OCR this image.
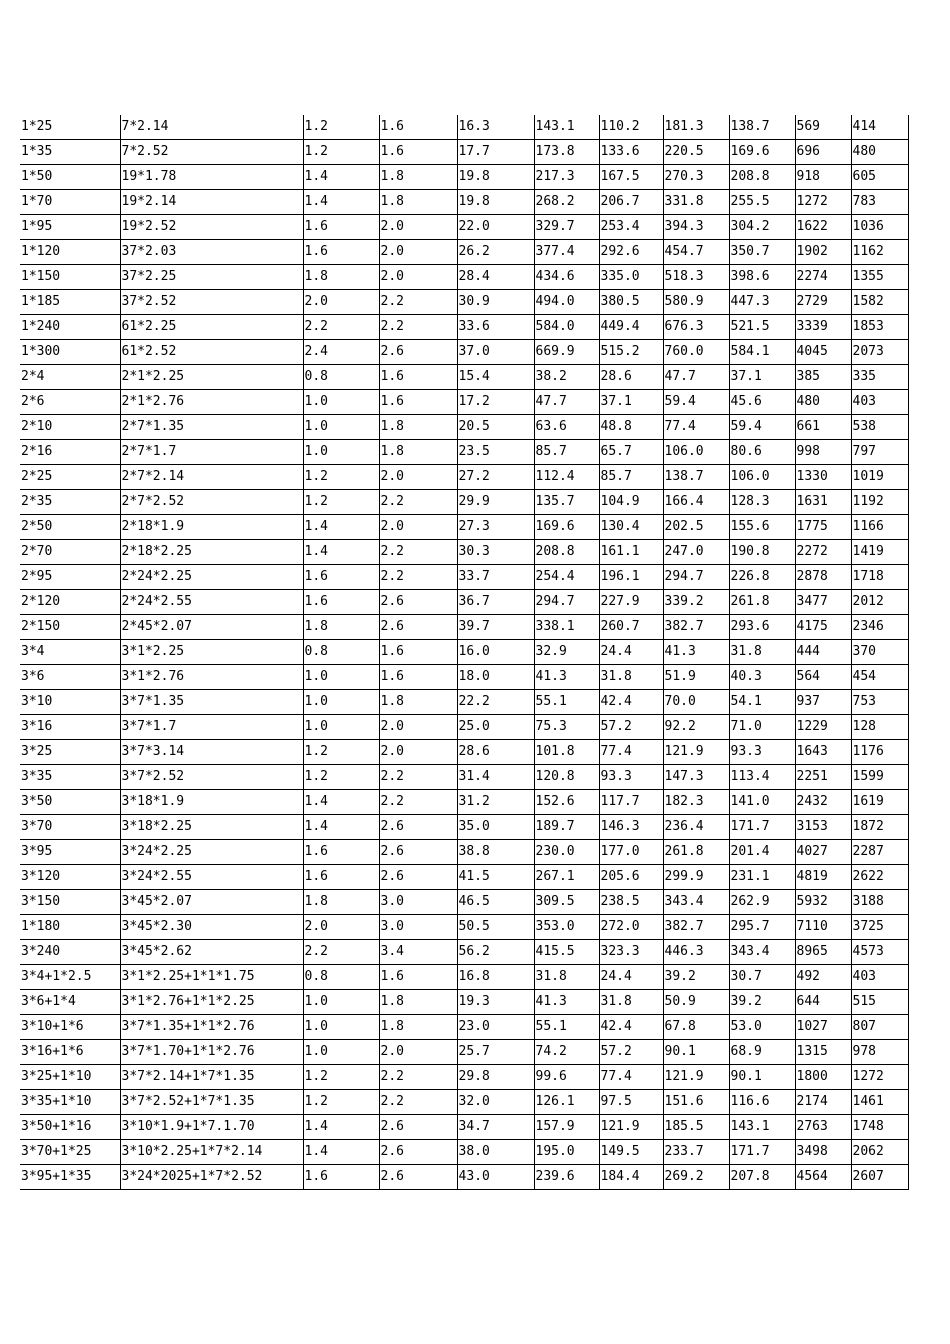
1*25	7*2.14	1.2	1.6	16.3	143.1	110.2	181.3	138.7	569	414
1*35	7*2.52	1.2	1.6	17.7	173.8	133.6	220.5	169.6	696	480
1*50	19*1.78	1.4	1.8	19.8	217.3	167.5	270.3	208.8	918	605
1*70	19*2.14	1.4	1.8	19.8	268.2	206.7	331.8	255.5	1272	783
1*95	19*2.52	1.6	2.0	22.0	329.7	253.4	394.3	304.2	1622	1036
1*120	37*2.03	1.6	2.0	26.2	377.4	292.6	454.7	350.7	1902	1162
1*150	37*2.25	1.8	2.0	28.4	434.6	335.0	518.3	398.6	2274	1355
1*185	37*2.52	2.0	2.2	30.9	494.0	380.5	580.9	447.3	2729	1582
1*240	61*2.25	2.2	2.2	33.6	584.0	449.4	676.3	521.5	3339	1853
1*300	61*2.52	2.4	2.6	37.0	669.9	515.2	760.0	584.1	4045	2073
2*4	2*1*2.25	0.8	1.6	15.4	38.2	28.6	47.7	37.1	385	335
2*6	2*1*2.76	1.0	1.6	17.2	47.7	37.1	59.4	45.6	480	403
2*10	2*7*1.35	1.0	1.8	20.5	63.6	48.8	77.4	59.4	661	538
2*16	2*7*1.7	1.0	1.8	23.5	85.7	65.7	106.0	80.6	998	797
2*25	2*7*2.14	1.2	2.0	27.2	112.4	85.7	138.7	106.0	1330	1019
2*35	2*7*2.52	1.2	2.2	29.9	135.7	104.9	166.4	128.3	1631	1192
2*50	2*18*1.9	1.4	2.0	27.3	169.6	130.4	202.5	155.6	1775	1166
2*70	2*18*2.25	1.4	2.2	30.3	208.8	161.1	247.0	190.8	2272	1419
2*95	2*24*2.25	1.6	2.2	33.7	254.4	196.1	294.7	226.8	2878	1718
2*120	2*24*2.55	1.6	2.6	36.7	294.7	227.9	339.2	261.8	3477	2012
2*150	2*45*2.07	1.8	2.6	39.7	338.1	260.7	382.7	293.6	4175	2346
3*4	3*1*2.25	0.8	1.6	16.0	32.9	24.4	41.3	31.8	444	370
3*6	3*1*2.76	1.0	1.6	18.0	41.3	31.8	51.9	40.3	564	454
3*10	3*7*1.35	1.0	1.8	22.2	55.1	42.4	70.0	54.1	937	753
3*16	3*7*1.7	1.0	2.0	25.0	75.3	57.2	92.2	71.0	1229	128
3*25	3*7*3.14	1.2	2.0	28.6	101.8	77.4	121.9	93.3	1643	1176
3*35	3*7*2.52	1.2	2.2	31.4	120.8	93.3	147.3	113.4	2251	1599
3*50	3*18*1.9	1.4	2.2	31.2	152.6	117.7	182.3	141.0	2432	1619
3*70	3*18*2.25	1.4	2.6	35.0	189.7	146.3	236.4	171.7	3153	1872
3*95	3*24*2.25	1.6	2.6	38.8	230.0	177.0	261.8	201.4	4027	2287
3*120	3*24*2.55	1.6	2.6	41.5	267.1	205.6	299.9	231.1	4819	2622
3*150	3*45*2.07	1.8	3.0	46.5	309.5	238.5	343.4	262.9	5932	3188
1*180	3*45*2.30	2.0	3.0	50.5	353.0	272.0	382.7	295.7	7110	3725
3*240	3*45*2.62	2.2	3.4	56.2	415.5	323.3	446.3	343.4	8965	4573
3*4+1*2.5	3*1*2.25+1*1*1.75	0.8	1.6	16.8	31.8	24.4	39.2	30.7	492	403
3*6+1*4	3*1*2.76+1*1*2.25	1.0	1.8	19.3	41.3	31.8	50.9	39.2	644	515
3*10+1*6	3*7*1.35+1*1*2.76	1.0	1.8	23.0	55.1	42.4	67.8	53.0	1027	807
3*16+1*6	3*7*1.70+1*1*2.76	1.0	2.0	25.7	74.2	57.2	90.1	68.9	1315	978
3*25+1*10	3*7*2.14+1*7*1.35	1.2	2.2	29.8	99.6	77.4	121.9	90.1	1800	1272
3*35+1*10	3*7*2.52+1*7*1.35	1.2	2.2	32.0	126.1	97.5	151.6	116.6	2174	1461
3*50+1*16	3*10*1.9+1*7.1.70	1.4	2.6	34.7	157.9	121.9	185.5	143.1	2763	1748
3*70+1*25	3*10*2.25+1*7*2.14	1.4	2.6	38.0	195.0	149.5	233.7	171.7	3498	2062
3*95+1*35	3*24*2025+1*7*2.52	1.6	2.6	43.0	239.6	184.4	269.2	207.8	4564	2607
